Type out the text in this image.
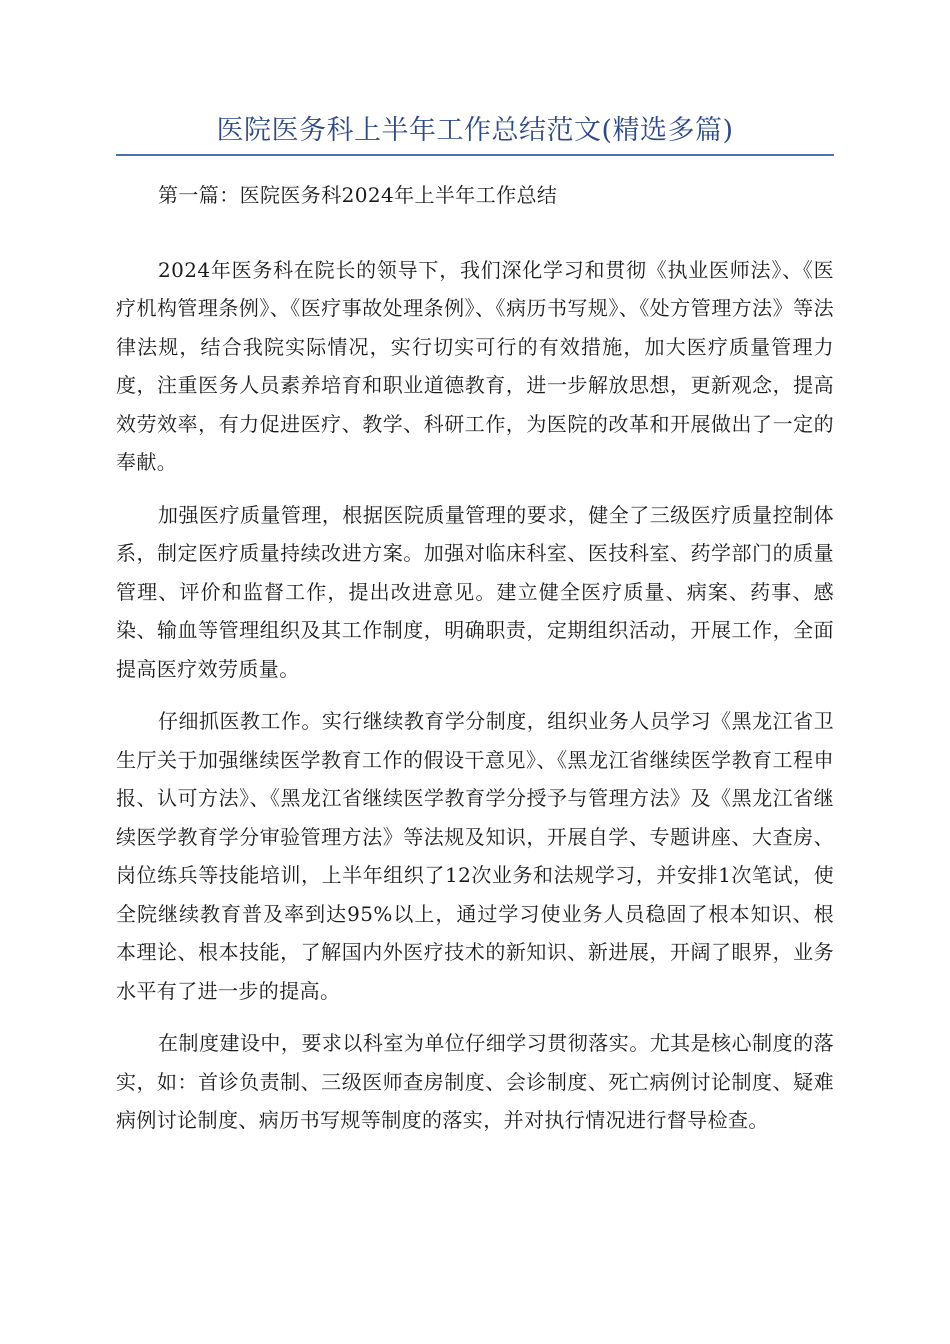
医院医务科上半年工作总结范文(精选多篇)

第一篇：医院医务科2024年上半年工作总结

2024年医务科在院长的领导下，我们深化学习和贯彻《执业医师法》、《医疗机构管理条例》、《医疗事故处理条例》、《病历书写规》、《处方管理方法》等法律法规，结合我院实际情况，实行切实可行的有效措施，加大医疗质量管理力度，注重医务人员素养培育和职业道德教育，进一步解放思想，更新观念，提高效劳效率，有力促进医疗、教学、科研工作，为医院的改革和开展做出了一定的奉献。

加强医疗质量管理，根据医院质量管理的要求，健全了三级医疗质量控制体系，制定医疗质量持续改进方案。加强对临床科室、医技科室、药学部门的质量管理、评价和监督工作，提出改进意见。建立健全医疗质量、病案、药事、感染、输血等管理组织及其工作制度，明确职责，定期组织活动，开展工作，全面提高医疗效劳质量。

仔细抓医教工作。实行继续教育学分制度，组织业务人员学习《黑龙江省卫生厅关于加强继续医学教育工作的假设干意见》、《黑龙江省继续医学教育工程申报、认可方法》、《黑龙江省继续医学教育学分授予与管理方法》及《黑龙江省继续医学教育学分审验管理方法》等法规及知识，开展自学、专题讲座、大查房、岗位练兵等技能培训，上半年组织了12次业务和法规学习，并安排1次笔试，使全院继续教育普及率到达95%以上，通过学习使业务人员稳固了根本知识、根本理论、根本技能，了解国内外医疗技术的新知识、新进展，开阔了眼界，业务水平有了进一步的提高。

在制度建设中，要求以科室为单位仔细学习贯彻落实。尤其是核心制度的落实，如：首诊负责制、三级医师查房制度、会诊制度、死亡病例讨论制度、疑难病例讨论制度、病历书写规等制度的落实，并对执行情况进行督导检查。
